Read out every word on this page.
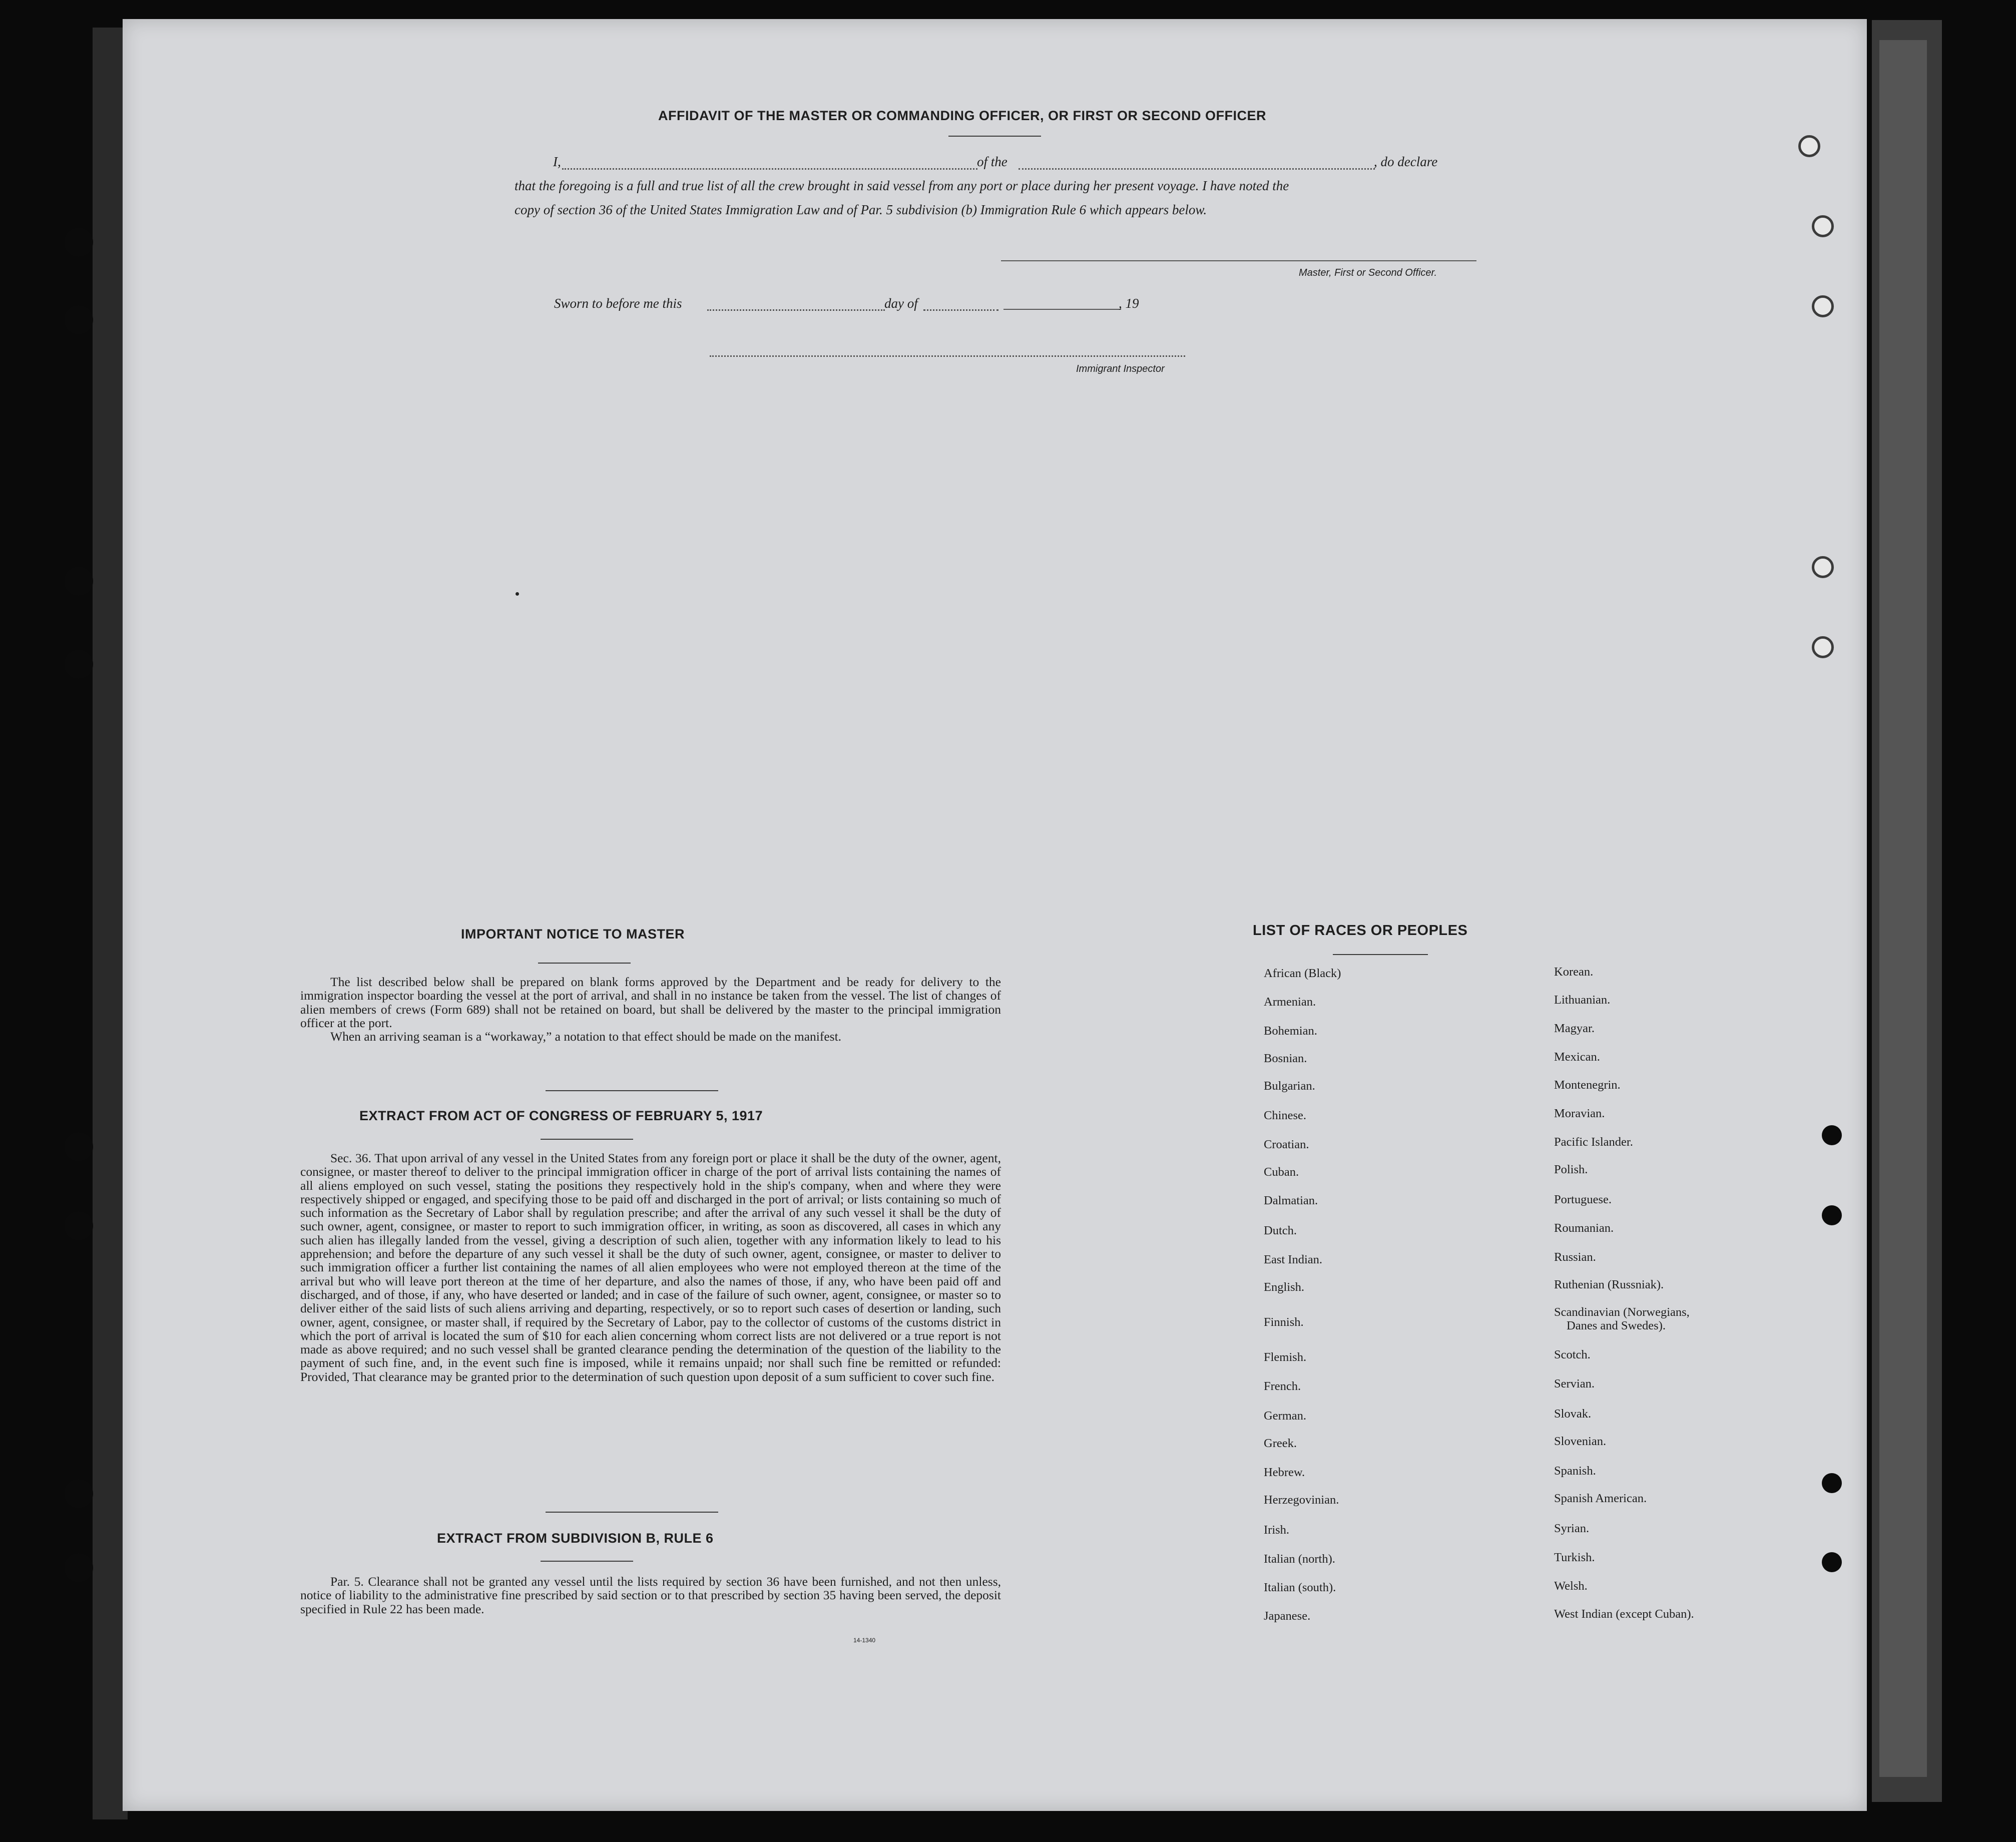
AFFIDAVIT OF THE MASTER OR COMMANDING OFFICER, OR FIRST OR SECOND OFFICER
I,	of the	, do declare
that the foregoing is a full and true list of all the crew brought in said vessel from any port or place during her present voyage. I have noted the
copy of section 36 of the United States Immigration Law and of Par. 5 subdivision (b) Immigration Rule 6 which appears below.
Master, First or Second Officer.
Sworn to before me this	day of	, 19
Immigrant Inspector
IMPORTANT NOTICE TO MASTER

The list described below shall be prepared on blank forms approved by the Department and be ready for delivery to the immigration inspector boarding the vessel at the port of arrival, and shall in no instance be taken from the vessel. The list of changes of alien members of crews (Form 689) shall not be retained on board, but shall be delivered by the master to the principal immigration officer at the port.

When an arriving seaman is a “workaway,” a notation to that effect should be made on the manifest.

EXTRACT FROM ACT OF CONGRESS OF FEBRUARY 5, 1917

Sec. 36. That upon arrival of any vessel in the United States from any foreign port or place it shall be the duty of the owner, agent, consignee, or master thereof to deliver to the principal immigration officer in charge of the port of arrival lists containing the names of all aliens employed on such vessel, stating the positions they respectively hold in the ship's company, when and where they were respectively shipped or engaged, and specifying those to be paid off and discharged in the port of arrival; or lists containing so much of such information as the Secretary of Labor shall by regulation prescribe; and after the arrival of any such vessel it shall be the duty of such owner, agent, consignee, or master to report to such immigration officer, in writing, as soon as discovered, all cases in which any such alien has illegally landed from the vessel, giving a description of such alien, together with any information likely to lead to his apprehension; and before the departure of any such vessel it shall be the duty of such owner, agent, consignee, or master to deliver to such immigration officer a further list containing the names of all alien employees who were not employed thereon at the time of the arrival but who will leave port thereon at the time of her departure, and also the names of those, if any, who have been paid off and discharged, and of those, if any, who have deserted or landed; and in case of the failure of such owner, agent, consignee, or master so to deliver either of the said lists of such aliens arriving and departing, respectively, or so to report such cases of desertion or landing, such owner, agent, consignee, or master shall, if required by the Secretary of Labor, pay to the collector of customs of the customs district in which the port of arrival is located the sum of $10 for each alien concerning whom correct lists are not delivered or a true report is not made as above required; and no such vessel shall be granted clearance pending the determination of the question of the liability to the payment of such fine, and, in the event such fine is imposed, while it remains unpaid; nor shall such fine be remitted or refunded: Provided, That clearance may be granted prior to the determination of such question upon deposit of a sum sufficient to cover such fine.

EXTRACT FROM SUBDIVISION B, RULE 6

Par. 5. Clearance shall not be granted any vessel until the lists required by section 36 have been furnished, and not then unless, notice of liability to the administrative fine prescribed by said section or to that prescribed by section 35 having been served, the deposit specified in Rule 22 has been made.

14-1340
LIST OF RACES OR PEOPLES
African (Black)
Armenian.
Bohemian.
Bosnian.
Bulgarian.
Chinese.
Croatian.
Cuban.
Dalmatian.
Dutch.
East Indian.
English.
Finnish.
Flemish.
French.
German.
Greek.
Hebrew.
Herzegovinian.
Irish.
Italian (north).
Italian (south).
Japanese.
Korean.
Lithuanian.
Magyar.
Mexican.
Montenegrin.
Moravian.
Pacific Islander.
Polish.
Portuguese.
Roumanian.
Russian.
Ruthenian (Russniak).
Scandinavian (Norwegians,
Danes and Swedes).
Scotch.
Servian.
Slovak.
Slovenian.
Spanish.
Spanish American.
Syrian.
Turkish.
Welsh.
West Indian (except Cuban).
